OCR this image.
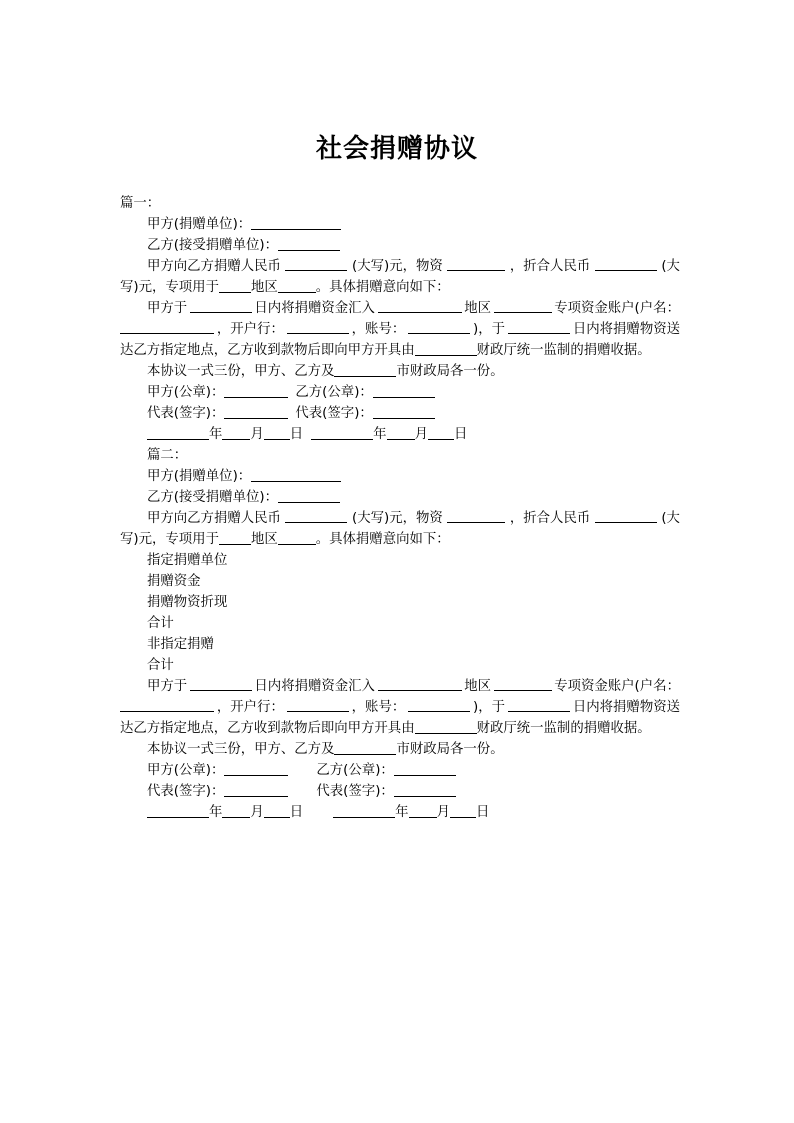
社会捐赠协议
篇一：
甲方(捐赠单位)：
乙方(接受捐赠单位)：
甲方向乙方捐赠人民币	(大写)元，物资	，折合人民币	(大
写)元，专项用于 地区	。具体捐赠意向如下：
甲方于	日内将捐赠资金汇入	地区	专项资金账户(户名：
，开户行：	，账号：	)，于	日内将捐赠物资送
达乙方指定地点，乙方收到款物后即向甲方开具由	财政厅统一监制的捐赠收据。
本协议一式三份，甲方、乙方及	市财政局各一份。
甲方(公章)：	乙方(公章)：
代表(签字)：	代表(签字)：
年 月 日	年 月 日
篇二：
甲方(捐赠单位)：
乙方(接受捐赠单位)：
甲方向乙方捐赠人民币	(大写)元，物资	，折合人民币	(大
写)元，专项用于 地区	。具体捐赠意向如下：
指定捐赠单位
捐赠资金
捐赠物资折现
合计
非指定捐赠
合计
甲方于	日内将捐赠资金汇入	地区	专项资金账户(户名：
，开户行：	，账号：	)，于	日内将捐赠物资送
达乙方指定地点，乙方收到款物后即向甲方开具由	财政厅统一监制的捐赠收据。
本协议一式三份，甲方、乙方及	市财政局各一份。
甲方(公章)：	乙方(公章)：
代表(签字)：	代表(签字)：
年 月 日	年 月 日
